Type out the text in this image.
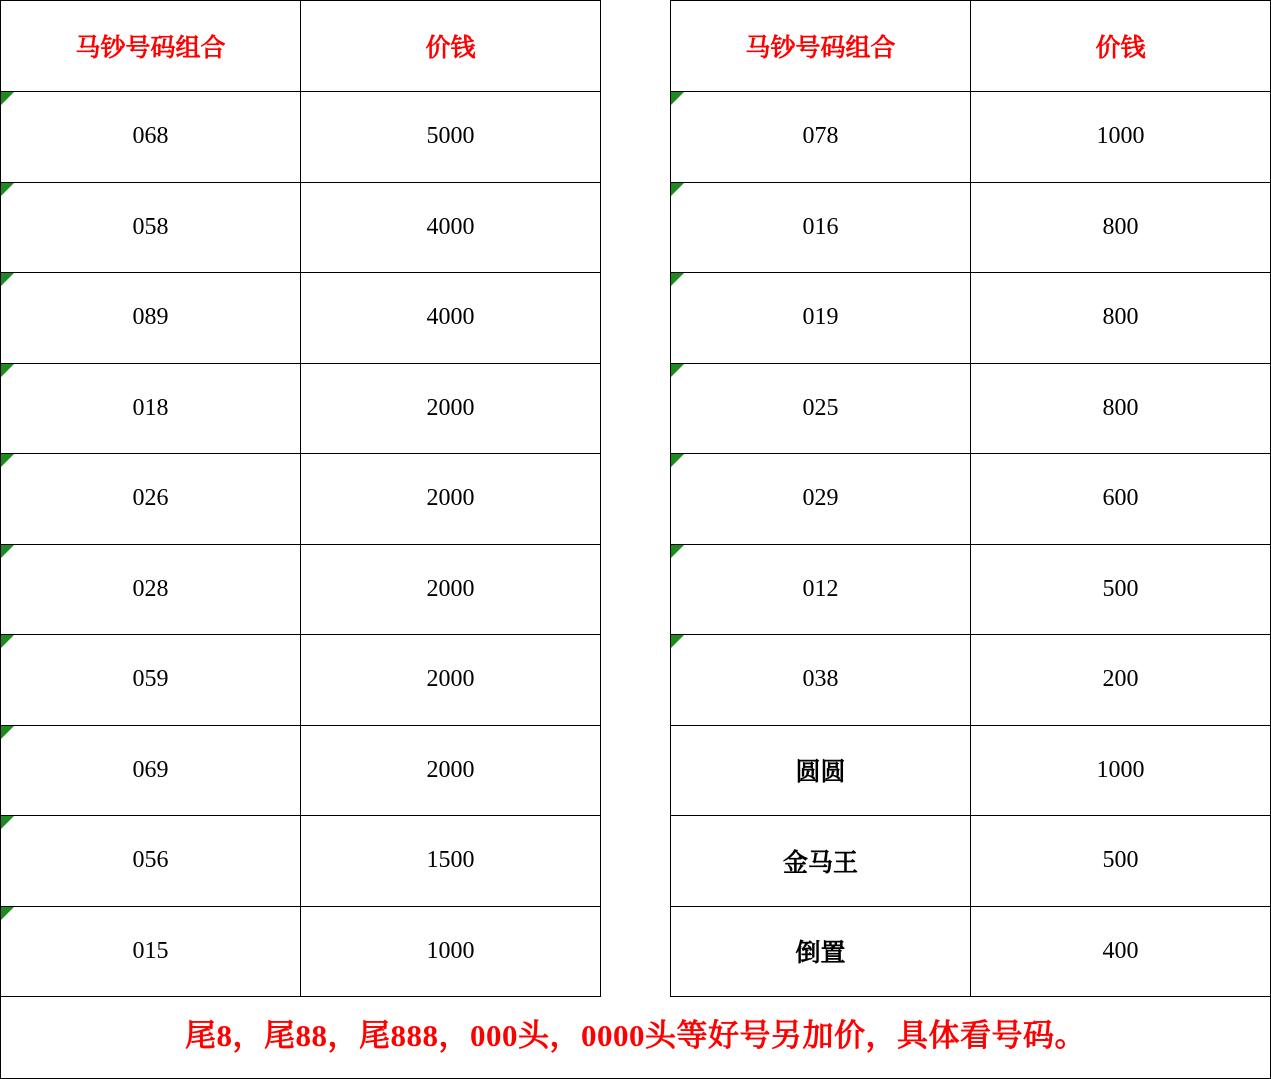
马钞号码组合	价钱
068	5000
058	4000
089	4000
018	2000
026	2000
028	2000
059	2000
069	2000
056	1500
015	1000
马钞号码组合	价钱
078	1000
016	800
019	800
025	800
029	600
012	500
038	200
圆圆	1000
金马王	500
倒置	400
尾8，尾88，尾888，000头，0000头等好号另加价，具体看号码。
